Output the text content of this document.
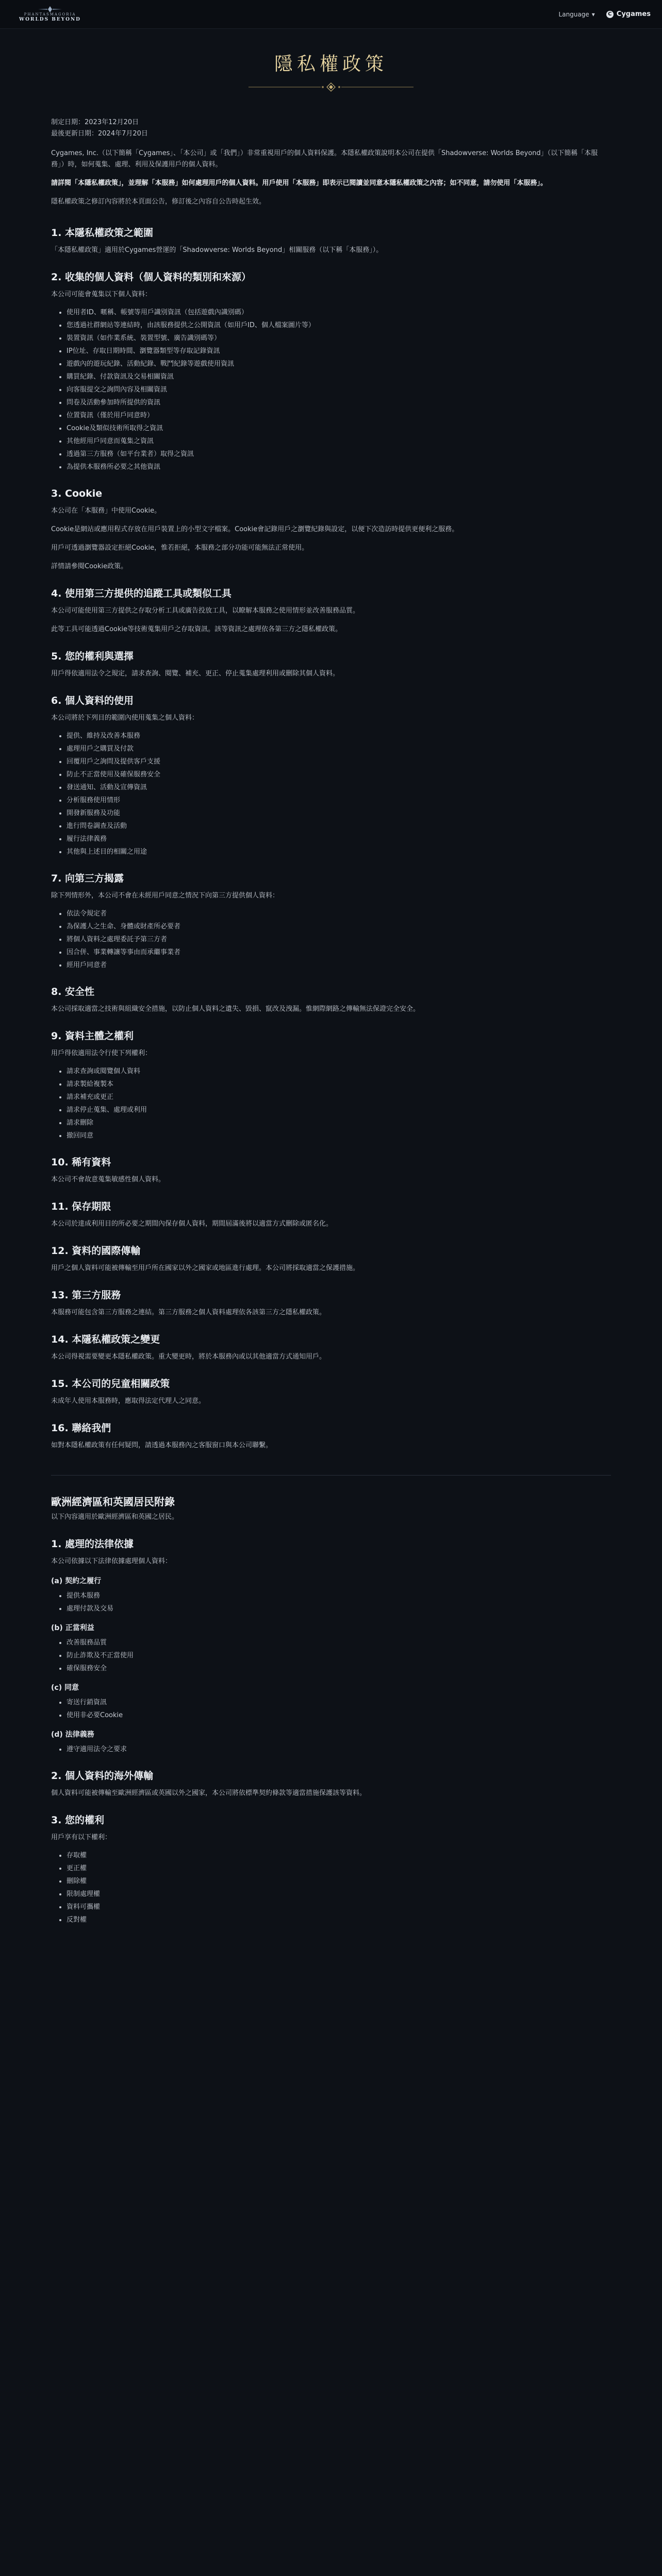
PHANTASMAGORIA
WORLDS BEYOND
Language ▾	C Cygames
隱私權政策

制定日期：2023年12月20日

最後更新日期：2024年7月20日

Cygames, Inc.（以下簡稱「Cygames」、「本公司」或「我們」）非常重視用戶的個人資料保護。本隱私權政策說明本公司在提供「Shadowverse: Worlds Beyond」（以下簡稱「本服務」）時，如何蒐集、處理、利用及保護用戶的個人資料。

請詳閱「本隱私權政策」，並理解「本服務」如何處理用戶的個人資料。用戶使用「本服務」即表示已閱讀並同意本隱私權政策之內容；如不同意，請勿使用「本服務」。

隱私權政策之修訂內容將於本頁面公告，修訂後之內容自公告時起生效。

1. 本隱私權政策之範圍

「本隱私權政策」適用於Cygames營運的「Shadowverse: Worlds Beyond」相關服務（以下稱「本服務」）。

2. 收集的個人資料（個人資料的類別和來源）

本公司可能會蒐集以下個人資料：

• 使用者ID、暱稱、帳號等用戶識別資訊（包括遊戲內識別碼）
• 您透過社群網站等連結時，由該服務提供之公開資訊（如用戶ID、個人檔案圖片等）
• 裝置資訊（如作業系統、裝置型號、廣告識別碼等）
• IP位址、存取日期時間、瀏覽器類型等存取記錄資訊
• 遊戲內的遊玩紀錄、活動紀錄、戰鬥紀錄等遊戲使用資訊
• 購買紀錄、付款資訊及交易相關資訊
• 向客服提交之詢問內容及相關資訊
• 問卷及活動參加時所提供的資訊
• 位置資訊（僅於用戶同意時）
• Cookie及類似技術所取得之資訊
• 其他經用戶同意而蒐集之資訊
• 透過第三方服務（如平台業者）取得之資訊
• 為提供本服務所必要之其他資訊
3. Cookie

本公司在「本服務」中使用Cookie。

Cookie是網站或應用程式存放在用戶裝置上的小型文字檔案。Cookie會記錄用戶之瀏覽紀錄與設定，以便下次造訪時提供更便利之服務。

用戶可透過瀏覽器設定拒絕Cookie，惟若拒絕，本服務之部分功能可能無法正常使用。

詳情請參閱Cookie政策。

4. 使用第三方提供的追蹤工具或類似工具

本公司可能使用第三方提供之存取分析工具或廣告投放工具，以瞭解本服務之使用情形並改善服務品質。

此等工具可能透過Cookie等技術蒐集用戶之存取資訊。該等資訊之處理依各第三方之隱私權政策。

5. 您的權利與選擇

用戶得依適用法令之規定，請求查詢、閱覽、補充、更正、停止蒐集處理利用或刪除其個人資料。

6. 個人資料的使用

本公司將於下列目的範圍內使用蒐集之個人資料：

• 提供、維持及改善本服務
• 處理用戶之購買及付款
• 回覆用戶之詢問及提供客戶支援
• 防止不正當使用及確保服務安全
• 發送通知、活動及宣傳資訊
• 分析服務使用情形
• 開發新服務及功能
• 進行問卷調查及活動
• 履行法律義務
• 其他與上述目的相關之用途
7. 向第三方揭露

除下列情形外，本公司不會在未經用戶同意之情況下向第三方提供個人資料：

• 依法令規定者
• 為保護人之生命、身體或財產所必要者
• 將個人資料之處理委託予第三方者
• 因合併、事業轉讓等事由而承繼事業者
• 經用戶同意者
8. 安全性

本公司採取適當之技術與組織安全措施，以防止個人資料之遺失、毀損、竄改及洩漏。惟網際網路之傳輸無法保證完全安全。

9. 資料主體之權利

用戶得依適用法令行使下列權利：

• 請求查詢或閱覽個人資料
• 請求製給複製本
• 請求補充或更正
• 請求停止蒐集、處理或利用
• 請求刪除
• 撤回同意
10. 稀有資料

本公司不會故意蒐集敏感性個人資料。

11. 保存期限

本公司於達成利用目的所必要之期間內保存個人資料，期間屆滿後將以適當方式刪除或匿名化。

12. 資料的國際傳輸

用戶之個人資料可能被傳輸至用戶所在國家以外之國家或地區進行處理。本公司將採取適當之保護措施。

13. 第三方服務

本服務可能包含第三方服務之連結。第三方服務之個人資料處理依各該第三方之隱私權政策。

14. 本隱私權政策之變更

本公司得視需要變更本隱私權政策。重大變更時，將於本服務內或以其他適當方式通知用戶。

15. 本公司的兒童相關政策

未成年人使用本服務時，應取得法定代理人之同意。

16. 聯絡我們

如對本隱私權政策有任何疑問，請透過本服務內之客服窗口與本公司聯繫。

歐洲經濟區和英國居民附錄

以下內容適用於歐洲經濟區和英國之居民。

1. 處理的法律依據

本公司依據以下法律依據處理個人資料：

(a) 契約之履行
• 提供本服務
• 處理付款及交易
(b) 正當利益
• 改善服務品質
• 防止詐欺及不正當使用
• 確保服務安全
(c) 同意
• 寄送行銷資訊
• 使用非必要Cookie
(d) 法律義務
• 遵守適用法令之要求
2. 個人資料的海外傳輸

個人資料可能被傳輸至歐洲經濟區或英國以外之國家，本公司將依標準契約條款等適當措施保護該等資料。

3. 您的權利

用戶享有以下權利：

• 存取權
• 更正權
• 刪除權
• 限制處理權
• 資料可攜權
• 反對權
